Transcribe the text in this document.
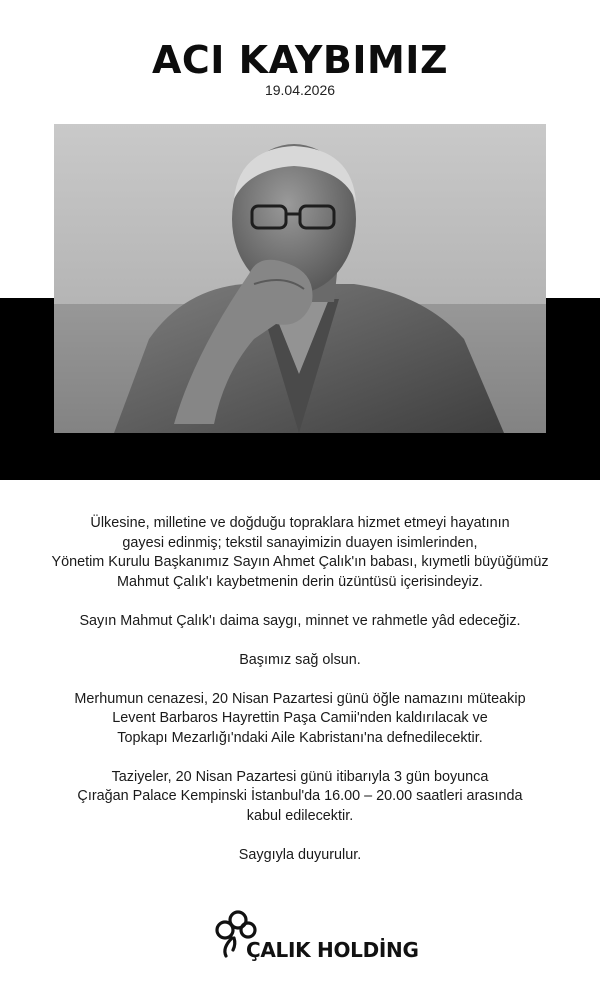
ACI KAYBIMIZ
19.04.2026

Ülkesine, milletine ve doğduğu topraklara hizmet etmeyi hayatının
gayesi edinmiş; tekstil sanayimizin duayen isimlerinden,
Yönetim Kurulu Başkanımız Sayın Ahmet Çalık'ın babası, kıymetli büyüğümüz
Mahmut Çalık'ı kaybetmenin derin üzüntüsü içerisindeyiz.

Sayın Mahmut Çalık'ı daima saygı, minnet ve rahmetle yâd edeceğiz.

Başımız sağ olsun.

Merhumun cenazesi, 20 Nisan Pazartesi günü öğle namazını müteakip
Levent Barbaros Hayrettin Paşa Camii'nden kaldırılacak ve
Topkapı Mezarlığı'ndaki Aile Kabristanı'na defnedilecektir.

Taziyeler, 20 Nisan Pazartesi günü itibarıyla 3 gün boyunca
Çırağan Palace Kempinski İstanbul'da 16.00 – 20.00 saatleri arasında
kabul edilecektir.

Saygıyla duyurulur.

ÇALIK HOLDİNG
